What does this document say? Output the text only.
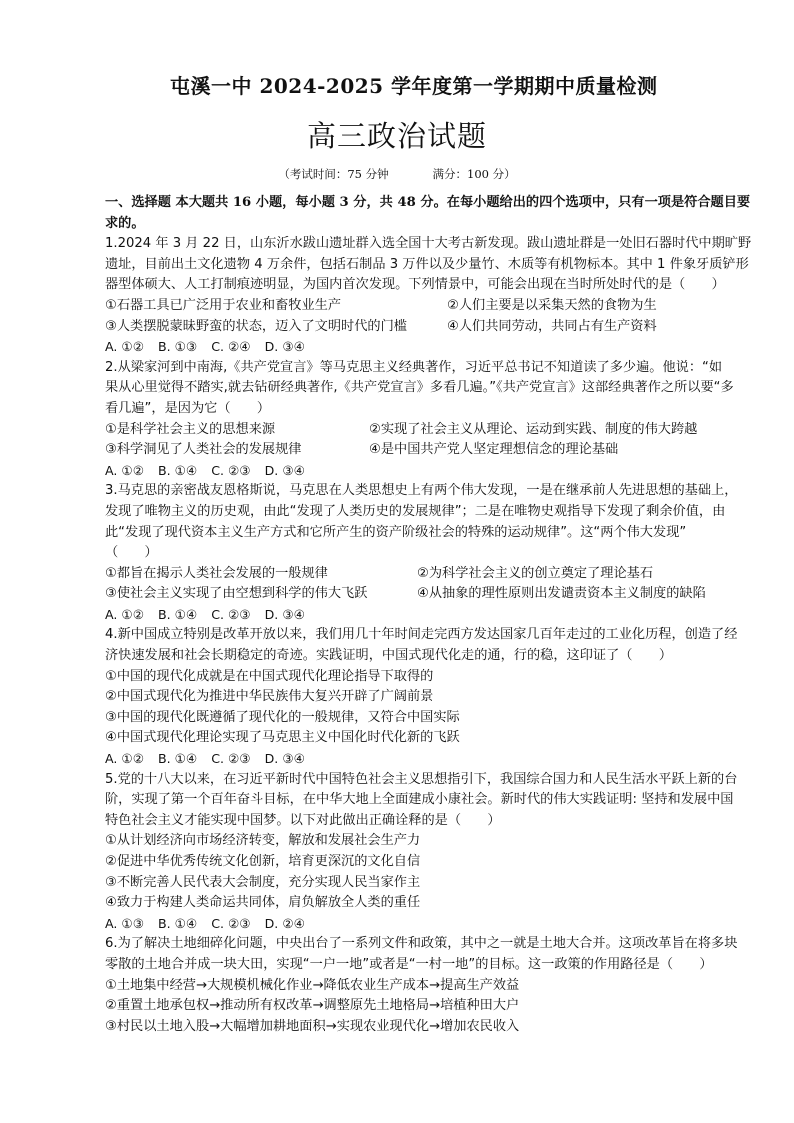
屯溪一中 2024-2025 学年度第一学期期中质量检测
高三政治试题
（考试时间：75 分钟	满分：100 分）
一、选择题 本大题共 16 小题，每小题 3 分，共 48 分。在每小题给出的四个选项中，只有一项是符合题目要
求的。
1.2024 年 3 月 22 日，山东沂水跋山遗址群入选全国十大考古新发现。跋山遗址群是一处旧石器时代中期旷野
遗址，目前出土文化遗物 4 万余件，包括石制品 3 万件以及少量竹、木质等有机物标本。其中 1 件象牙质铲形
器型体硕大、人工打制痕迹明显，为国内首次发现。下列情景中，可能会出现在当时所处时代的是（　　）
①石器工具已广泛用于农业和畜牧业生产	②人们主要是以采集天然的食物为生
③人类摆脱蒙昧野蛮的状态，迈入了文明时代的门槛	④人们共同劳动，共同占有生产资料
A. ①② B. ①③ C. ②④ D. ③④
2.从梁家河到中南海,《共产党宣言》等马克思主义经典著作，习近平总书记不知道读了多少遍。他说：“如
果从心里觉得不踏实,就去钻研经典著作,《共产党宣言》多看几遍。”《共产党宣言》这部经典著作之所以要“多
看几遍”，是因为它（　　）
①是科学社会主义的思想来源	②实现了社会主义从理论、运动到实践、制度的伟大跨越
③科学洞见了人类社会的发展规律	④是中国共产党人坚定理想信念的理论基础
A. ①② B. ①④ C. ②③ D. ③④
3.马克思的亲密战友恩格斯说，马克思在人类思想史上有两个伟大发现，一是在继承前人先进思想的基础上，
发现了唯物主义的历史观，由此“发现了人类历史的发展规律”；二是在唯物史观指导下发现了剩余价值，由
此“发现了现代资本主义生产方式和它所产生的资产阶级社会的特殊的运动规律”。这“两个伟大发现”
（　　）
①都旨在揭示人类社会发展的一般规律	②为科学社会主义的创立奠定了理论基石
③使社会主义实现了由空想到科学的伟大飞跃	④从抽象的理性原则出发谴责资本主义制度的缺陷
A. ①② B. ①④ C. ②③ D. ③④
4.新中国成立特别是改革开放以来，我们用几十年时间走完西方发达国家几百年走过的工业化历程，创造了经
济快速发展和社会长期稳定的奇迹。实践证明，中国式现代化走的通，行的稳，这印证了（　　）
①中国的现代化成就是在中国式现代化理论指导下取得的
②中国式现代化为推进中华民族伟大复兴开辟了广阔前景
③中国的现代化既遵循了现代化的一般规律，又符合中国实际
④中国式现代化理论实现了马克思主义中国化时代化新的飞跃
A. ①② B. ①④ C. ②③ D. ③④
5.党的十八大以来，在习近平新时代中国特色社会主义思想指引下，我国综合国力和人民生活水平跃上新的台
阶，实现了第一个百年奋斗目标，在中华大地上全面建成小康社会。新时代的伟大实践证明: 坚持和发展中国
特色社会主义才能实现中国梦。以下对此做出正确诠释的是（　　）
①从计划经济向市场经济转变，解放和发展社会生产力
②促进中华优秀传统文化创新，培育更深沉的文化自信
③不断完善人民代表大会制度，充分实现人民当家作主
④致力于构建人类命运共同体，肩负解放全人类的重任
A. ①③ B. ①④ C. ②③ D. ②④
6.为了解决土地细碎化问题，中央出台了一系列文件和政策，其中之一就是土地大合并。这项改革旨在将多块
零散的土地合并成一块大田，实现“一户一地”或者是“一村一地”的目标。这一政策的作用路径是（　　）
①土地集中经营→大规模机械化作业→降低农业生产成本→提高生产效益
②重置土地承包权→推动所有权改革→调整原先土地格局→培植种田大户
③村民以土地入股→大幅增加耕地面积→实现农业现代化→增加农民收入
